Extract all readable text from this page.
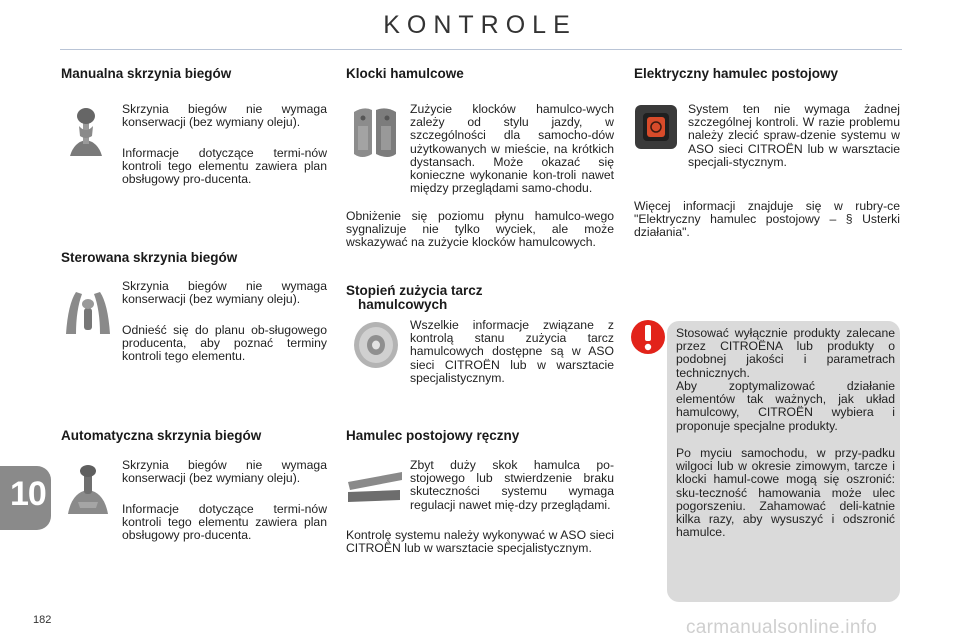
KONTROLE
Manualna skrzynia biegów
Skrzynia biegów nie wymaga konserwacji (bez wymiany oleju).
Informacje dotyczące termi-nów kontroli tego elementu zawiera plan obsługowy pro-ducenta.
Sterowana skrzynia biegów
Skrzynia biegów nie wymaga konserwacji (bez wymiany oleju).
Odnieść się do planu ob-sługowego producenta, aby poznać terminy kontroli tego elementu.
Automatyczna skrzynia biegów
Skrzynia biegów nie wymaga konserwacji (bez wymiany oleju).
Informacje dotyczące termi-nów kontroli tego elementu zawiera plan obsługowy pro-ducenta.
Klocki hamulcowe
Zużycie klocków hamulco-wych zależy od stylu jazdy, w szczególności dla samocho-dów użytkowanych w mieście, na krótkich dystansach. Może okazać się konieczne wykonanie kon-troli nawet między przeglądami samo-chodu.
Obniżenie się poziomu płynu hamulco-wego sygnalizuje nie tylko wyciek, ale może wskazywać na zużycie klocków hamulcowych.
Stopień zużycia tarcz
hamulcowych
Wszelkie informacje związane z kontrolą stanu zużycia tarcz hamulcowych dostępne są w ASO sieci CITROËN lub w warsztacie specjalistycznym.
Hamulec postojowy ręczny
Zbyt duży skok hamulca po-stojowego lub stwierdzenie braku skuteczności systemu wymaga regulacji nawet mię-dzy przeglądami.
Kontrolę systemu należy wykonywać w ASO sieci CITROËN lub w warsztacie specjalistycznym.
Elektryczny hamulec postojowy
System ten nie wymaga żadnej szczególnej kontroli. W razie problemu należy zlecić spraw-dzenie systemu w ASO sieci CITROËN lub w warsztacie specjali-stycznym.
Więcej informacji znajduje się w rubry-ce "Elektryczny hamulec postojowy – § Usterki działania".
Stosować wyłącznie produkty zalecane przez CITROËNA lub produkty o podobnej jakości i parametrach technicznych.
Aby zoptymalizować działanie elementów tak ważnych, jak układ hamulcowy, CITROËN wybiera i proponuje specjalne produkty.
Po myciu samochodu, w przy-padku wilgoci lub w okresie zimowym, tarcze i klocki hamul-cowe mogą się oszronić: sku-teczność hamowania może ulec pogorszeniu. Zahamować deli-katnie kilka razy, aby wysuszyć i odszronić hamulce.
10
182	carmanualsonline.info
